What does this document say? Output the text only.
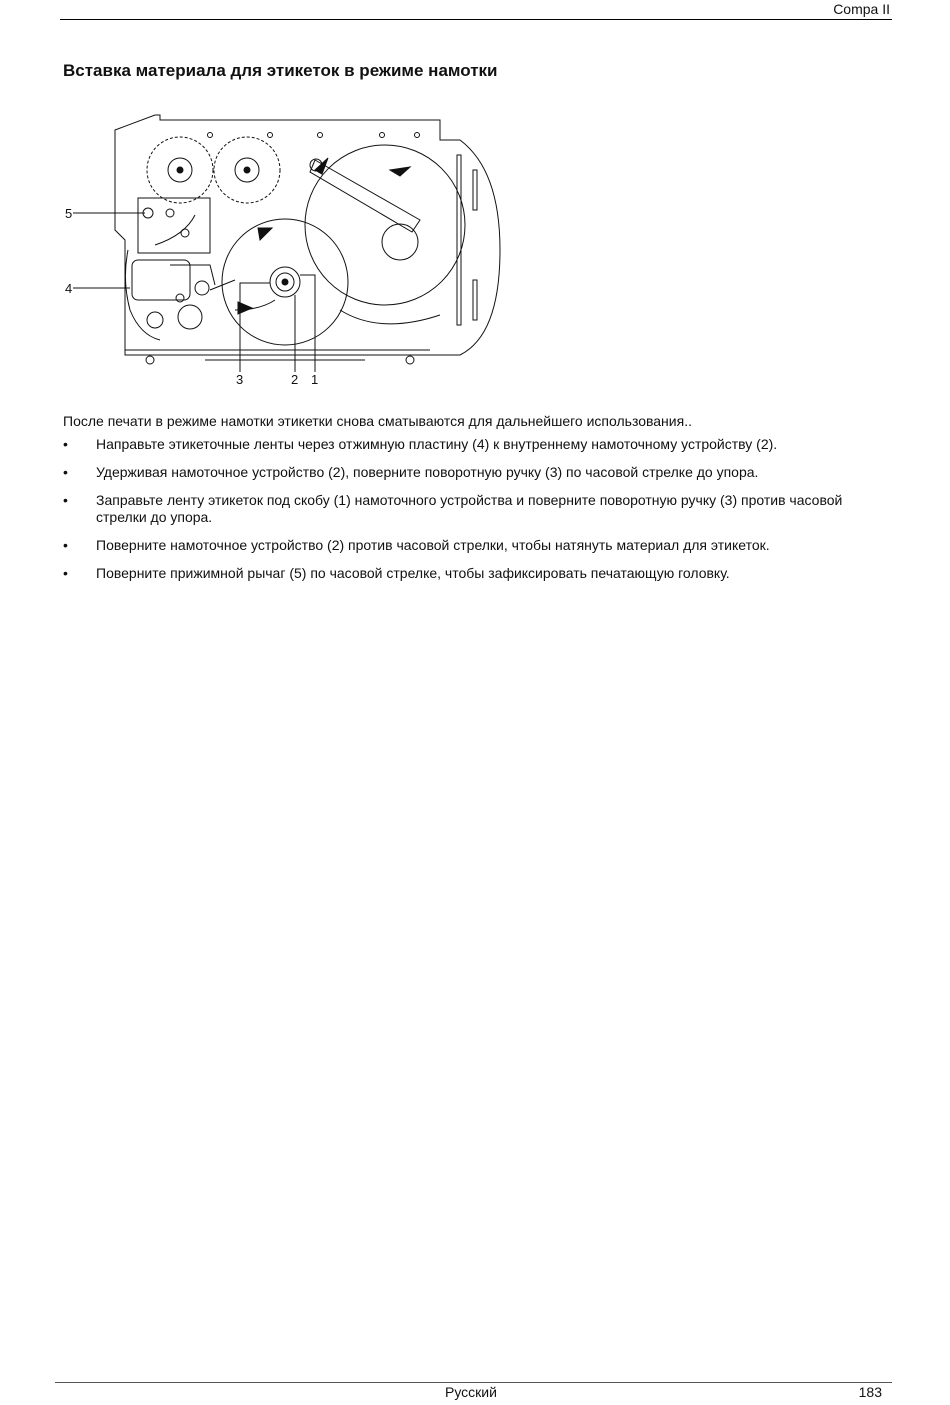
Compa II
Вставка материала для этикеток в режиме намотки
5
4
3	2 1

После печати в режиме намотки этикетки снова сматываются для дальнейшего использования..

• Направьте этикеточные ленты через отжимную пластину (4) к внутреннему намоточному устройству (2).
• Удерживая намоточное устройство (2), поверните поворотную ручку (3) по часовой стрелке до упора.
• Заправьте ленту этикеток под скобу (1) намоточного устройства и поверните поворотную ручку (3) против часовой стрелки до упора.
• Поверните намоточное устройство (2) против часовой стрелки, чтобы натянуть материал для этикеток.
• Поверните прижимной рычаг (5) по часовой стрелке, чтобы зафиксировать печатающую головку.
Русский	183
